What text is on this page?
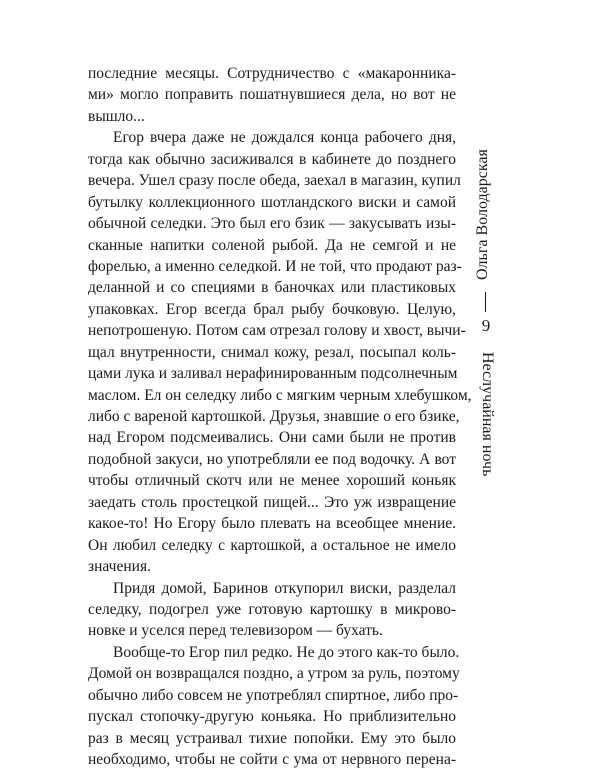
последние месяцы. Сотрудничество с «макаронника-
ми» могло поправить пошатнувшиеся дела, но вот не
вышло...
Егор вчера даже не дождался конца рабочего дня,
тогда как обычно засиживался в кабинете до позднего
вечера. Ушел сразу после обеда, заехал в магазин, купил
бутылку коллекционного шотландского виски и самой
обычной селедки. Это был его бзик — закусывать изы-
сканные напитки соленой рыбой. Да не семгой и не
форелью, а именно селедкой. И не той, что продают раз-
деланной и со специями в баночках или пластиковых
упаковках. Егор всегда брал рыбу бочковую. Целую,
непотрошеную. Потом сам отрезал голову и хвост, вычи-
щал внутренности, снимал кожу, резал, посыпал коль-
цами лука и заливал нерафинированным подсолнечным
маслом. Ел он селедку либо с мягким черным хлебушком,
либо с вареной картошкой. Друзья, знавшие о его бзике,
над Егором подсмеивались. Они сами были не против
подобной закуси, но употребляли ее под водочку. А вот
чтобы отличный скотч или не менее хороший коньяк
заедать столь простецкой пищей... Это уж извращение
какое-то! Но Егору было плевать на всеобщее мнение.
Он любил селедку с картошкой, а остальное не имело
значения.
Придя домой, Баринов откупорил виски, разделал
селедку, подогрел уже готовую картошку в микрово-
новке и уселся перед телевизором — бухать.
Вообще-то Егор пил редко. Не до этого как-то было.
Домой он возвращался поздно, а утром за руль, поэтому
обычно либо совсем не употреблял спиртное, либо про-
пускал стопочку-другую коньяка. Но приблизительно
раз в месяц устраивал тихие попойки. Ему это было
необходимо, чтобы не сойти с ума от нервного перена-
Ольга Володарская
9
Неслучайная ночь
